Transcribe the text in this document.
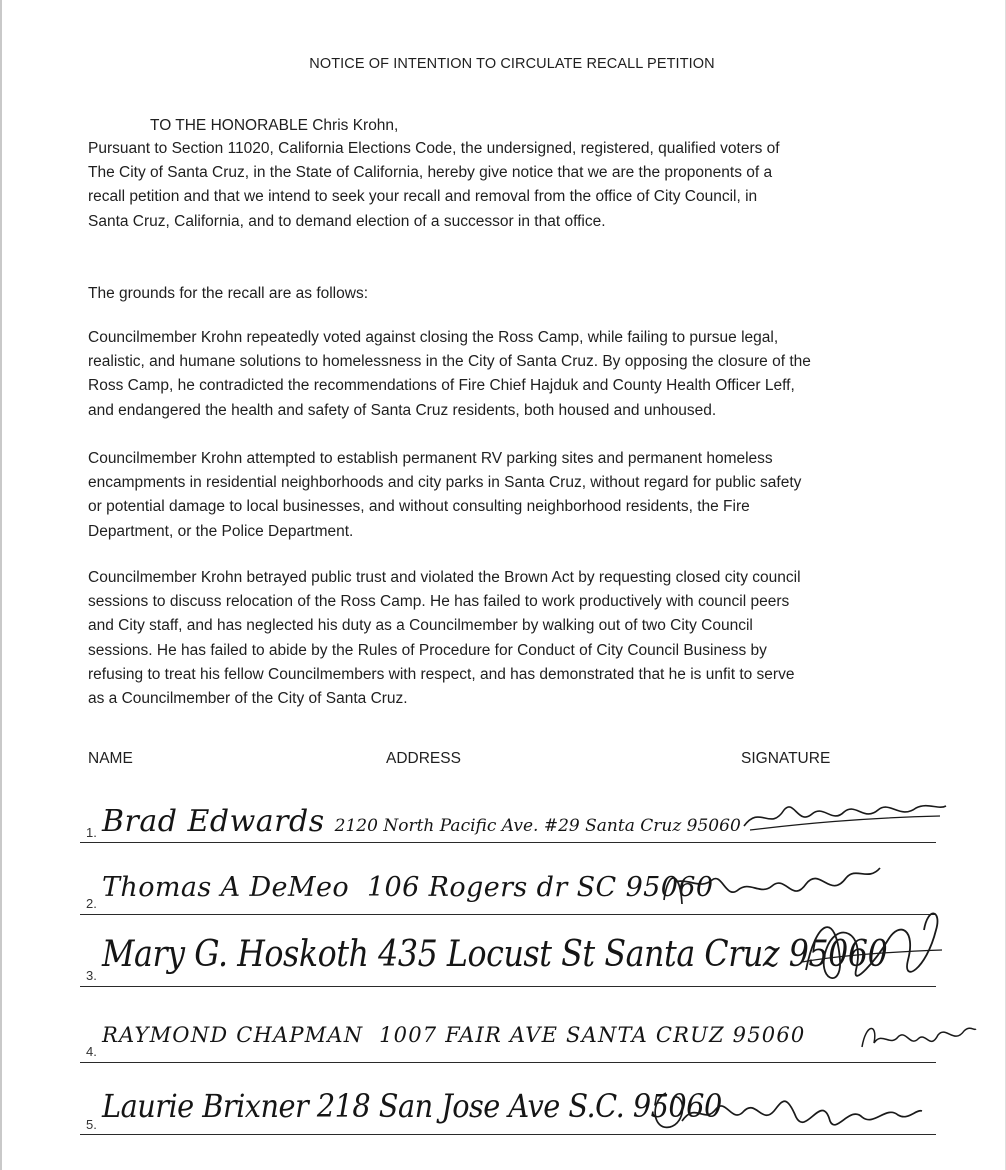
NOTICE OF INTENTION TO CIRCULATE RECALL PETITION
TO THE HONORABLE Chris Krohn,
Pursuant to Section 11020, California Elections Code, the undersigned, registered, qualified voters of
The City of Santa Cruz, in the State of California, hereby give notice that we are the proponents of a
recall petition and that we intend to seek your recall and removal from the office of City Council, in
Santa Cruz, California, and to demand election of a successor in that office.
The grounds for the recall are as follows:
Councilmember Krohn repeatedly voted against closing the Ross Camp, while failing to pursue legal,
realistic, and humane solutions to homelessness in the City of Santa Cruz. By opposing the closure of the
Ross Camp, he contradicted the recommendations of Fire Chief Hajduk and County Health Officer Leff,
and endangered the health and safety of Santa Cruz residents, both housed and unhoused.
Councilmember Krohn attempted to establish permanent RV parking sites and permanent homeless
encampments in residential neighborhoods and city parks in Santa Cruz, without regard for public safety
or potential damage to local businesses, and without consulting neighborhood residents, the Fire
Department, or the Police Department.
Councilmember Krohn betrayed public trust and violated the Brown Act by requesting closed city council
sessions to discuss relocation of the Ross Camp. He has failed to work productively with council peers
and City staff, and has neglected his duty as a Councilmember by walking out of two City Council
sessions. He has failed to abide by the Rules of Procedure for Conduct of City Council Business by
refusing to treat his fellow Councilmembers with respect, and has demonstrated that he is unfit to serve
as a Councilmember of the City of Santa Cruz.
NAME	ADDRESS	SIGNATURE
1. Brad Edwards 2120 North Pacific Ave. #29 Santa Cruz 95060
2.
Thomas A DeMeo 106 Rogers dr SC 95060
3.
Mary G. Hoskoth 435 Locust St Santa Cruz 95060
4.
RAYMOND CHAPMAN 1007 FAIR AVE SANTA CRUZ 95060
5. Laurie Brixner 218 San Jose Ave S.C. 95060
